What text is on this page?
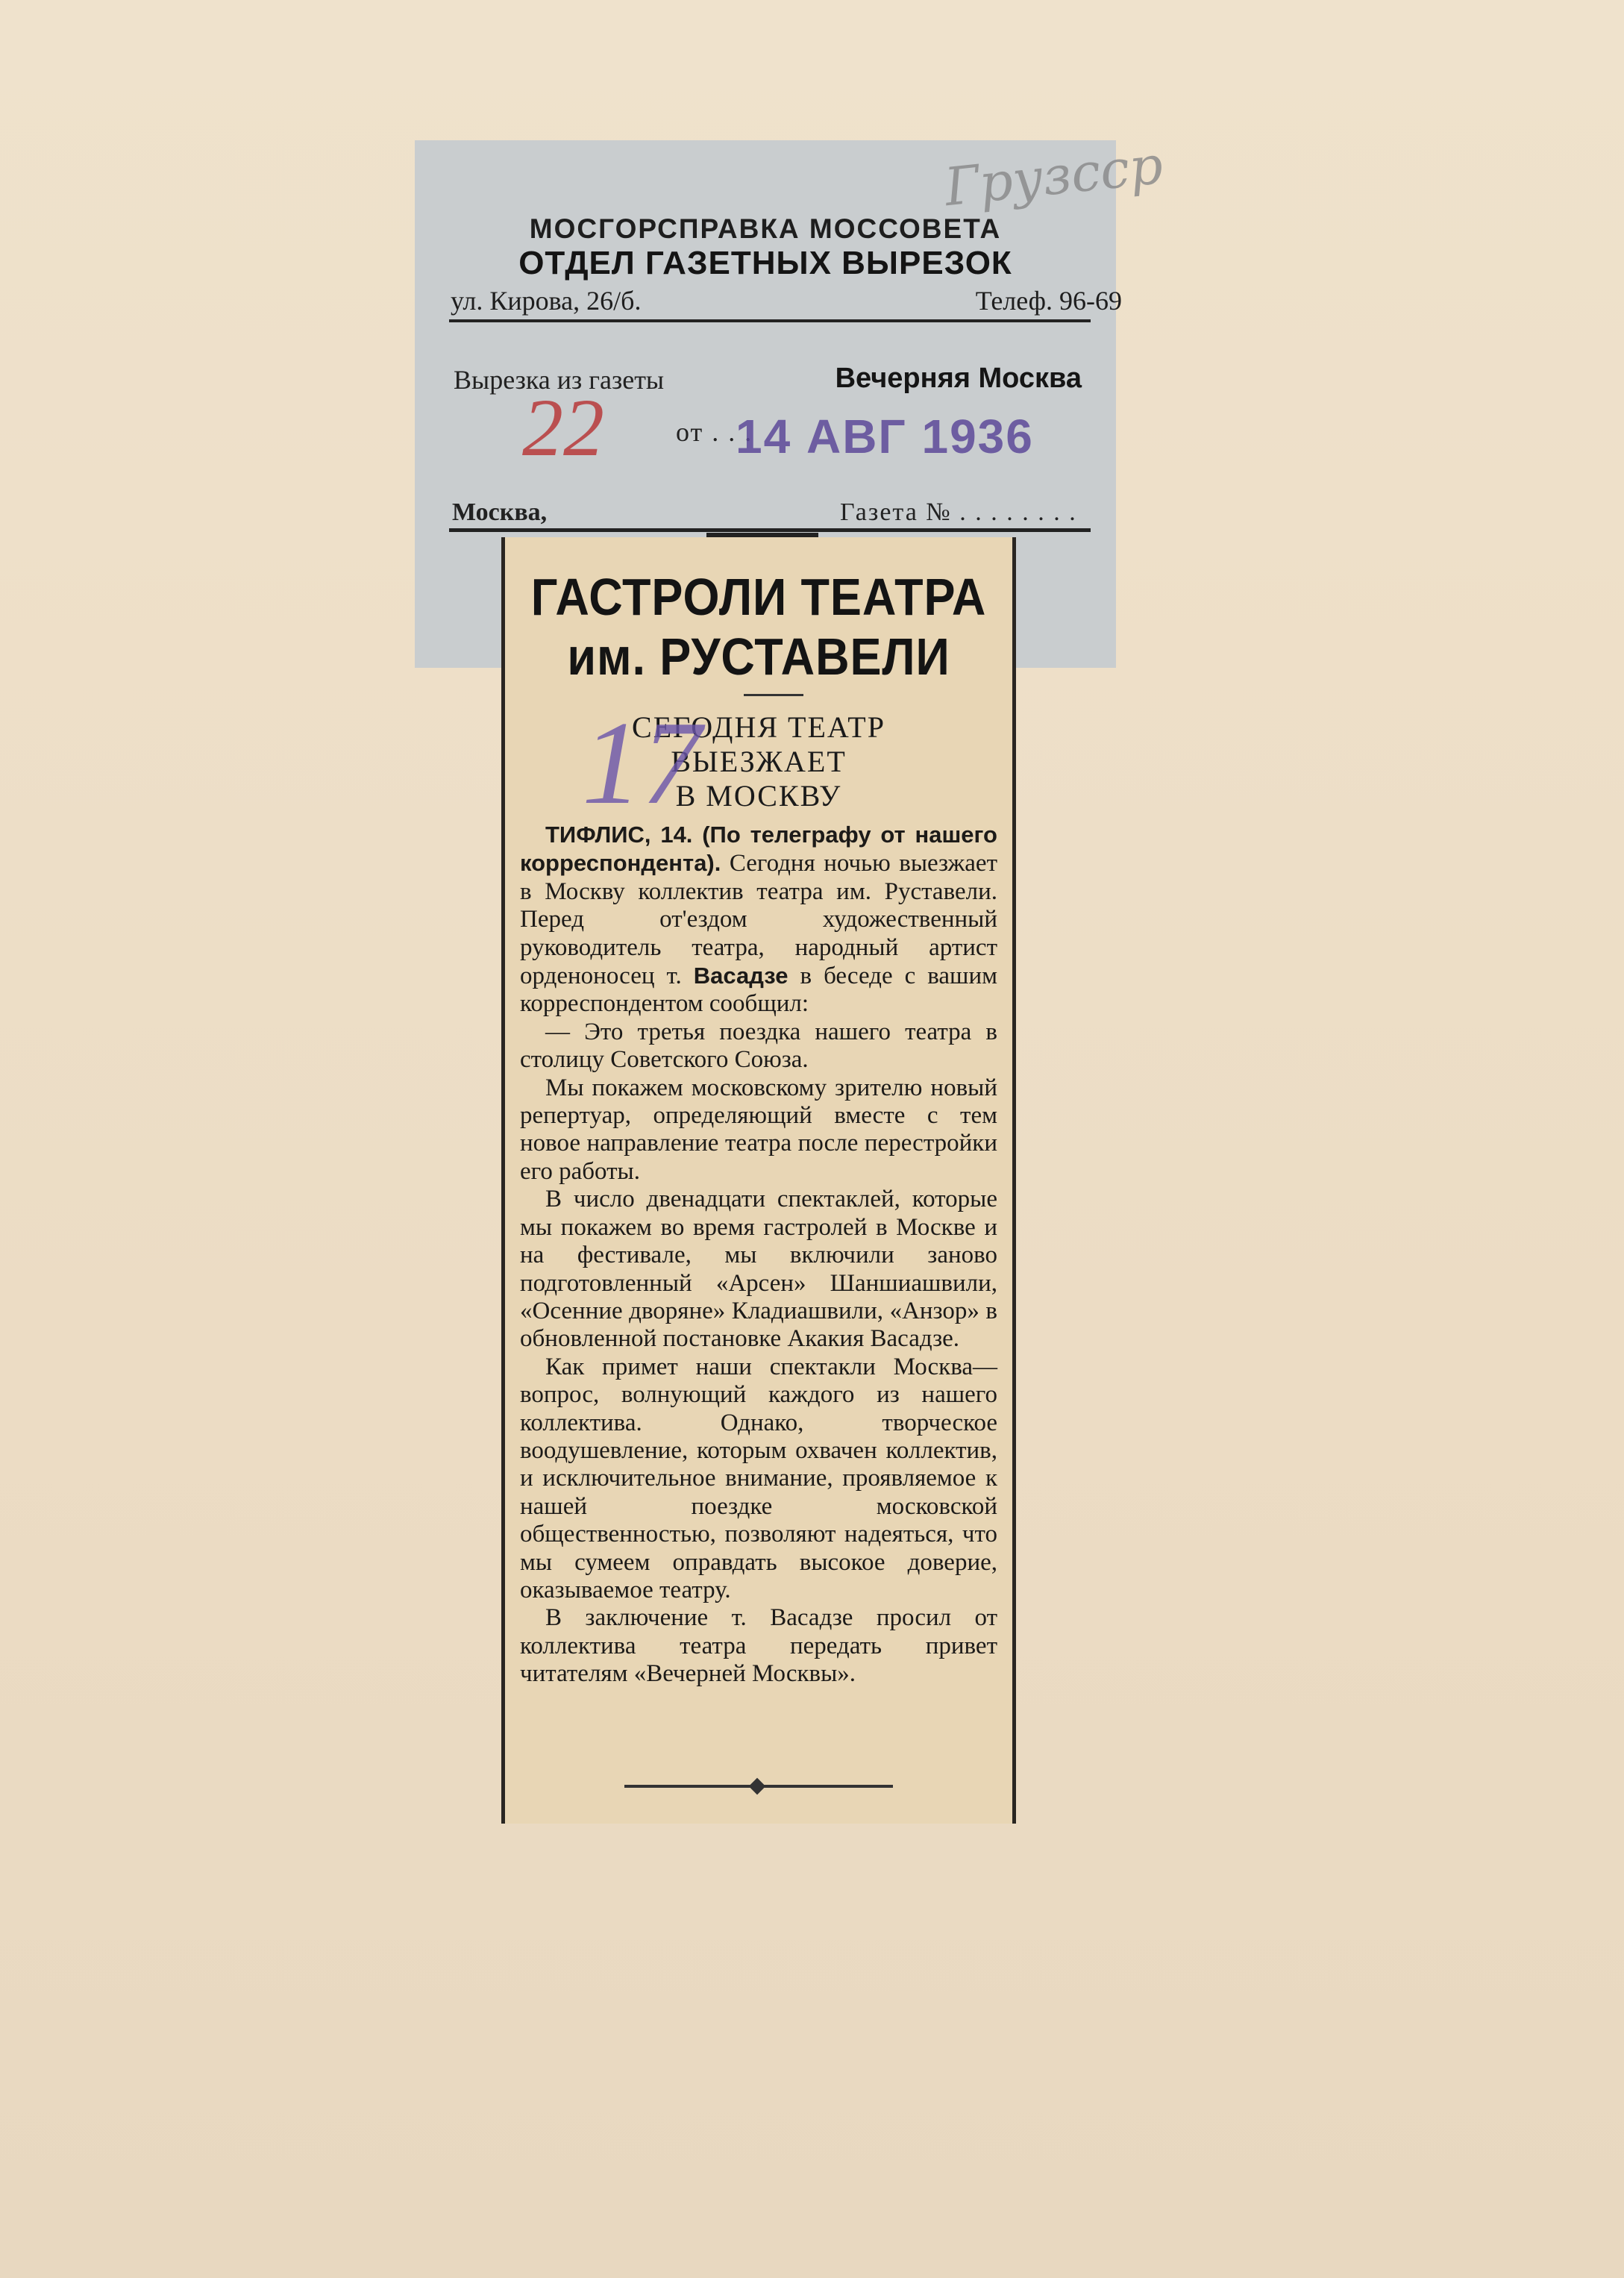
МОСГОРСПРАВКА МОССОВЕТА
ОТДЕЛ ГАЗЕТНЫХ ВЫРЕЗОК
ул. Кирова, 26/б.	Телеф. 96-69
Вырезка из газеты	Вечерняя Москва
от . . .
14 АВГ 1936
Москва,	Газета № . . . . . . . .
Грузсср
22
ГАСТРОЛИ ТЕАТРА
им. РУСТАВЕЛИ
СЕГОДНЯ ТЕАТР
ВЫЕЗЖАЕТ
В МОСКВУ

ТИФЛИС, 14. (По телеграфу от нашего корреспондента). Сегодня ночью выезжает в Москву коллектив театра им. Руставели. Перед от'ездом художественный руководитель театра, народный артист орденоносец т. Васадзе в беседе с вашим корреспондентом сообщил:

— Это третья поездка нашего театра в столицу Советского Союза.

Мы покажем московскому зрителю новый репертуар, определяющий вместе с тем новое направление театра после перестройки его работы.

В число двенадцати спектаклей, которые мы покажем во время гастролей в Москве и на фестивале, мы включили заново подготовленный «Арсен» Шаншиашвили, «Осенние дворяне» Кладиашвили, «Анзор» в обновленной постановке Акакия Васадзе.

Как примет наши спектакли Москва—вопрос, волнующий каждого из нашего коллектива. Однако, творческое воодушевление, которым охвачен коллектив, и исключительное внимание, проявляемое к нашей поездке московской общественностью, позволяют надеяться, что мы сумеем оправдать высокое доверие, оказываемое театру.

В заключение т. Васадзе просил от коллектива театра передать привет читателям «Вечерней Москвы».

17
